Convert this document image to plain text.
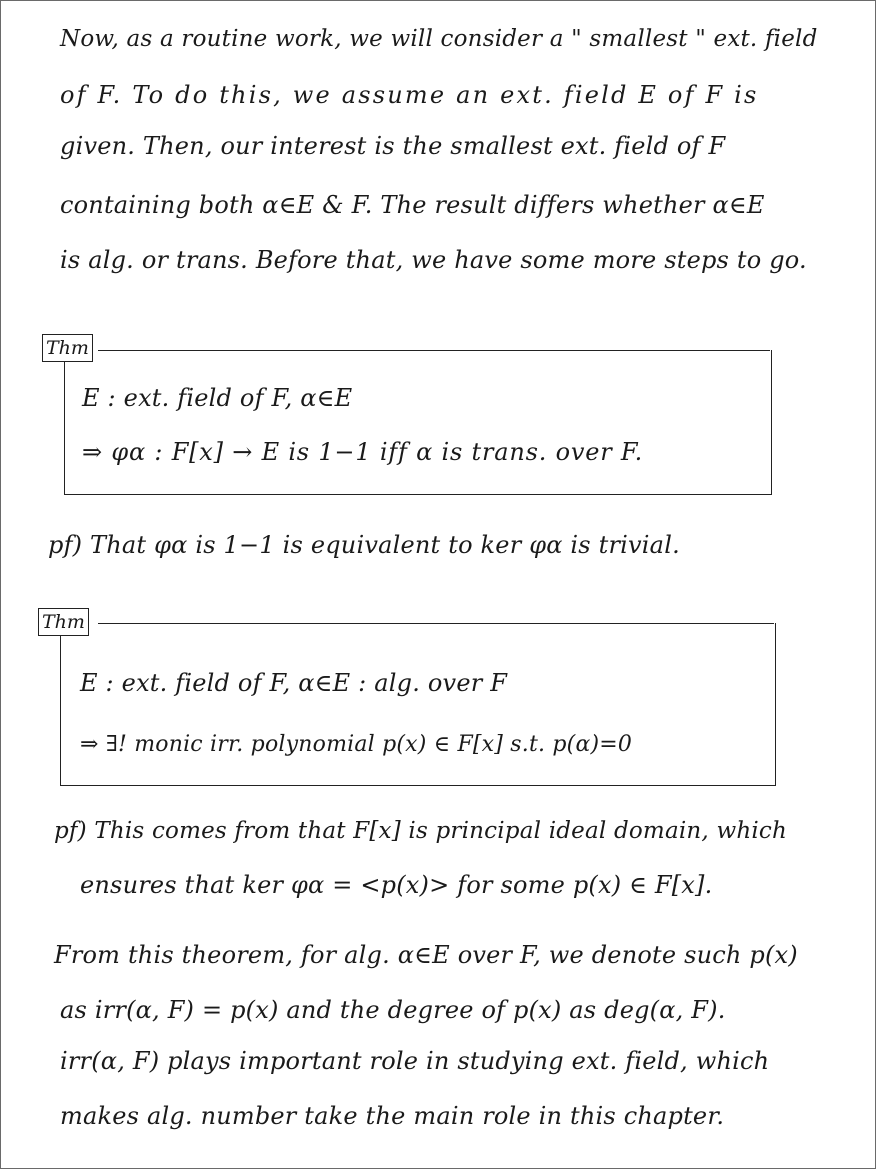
Now, as a routine work, we will consider a " smallest " ext. field
of F. To do this, we assume an ext. field E of F is
given. Then, our interest is the smallest ext. field of F
containing both α∈E & F. The result differs whether α∈E
is alg. or trans. Before that, we have some more steps to go.
Thm
E : ext. field of F, α∈E
⇒ φα : F[x] → E is 1−1 iff α is trans. over F.
pf) That φα is 1−1 is equivalent to ker φα is trivial.
Thm
E : ext. field of F, α∈E : alg. over F
⇒ ∃! monic irr. polynomial p(x) ∈ F[x] s.t. p(α)=0
pf) This comes from that F[x] is principal ideal domain, which
ensures that ker φα = <p(x)> for some p(x) ∈ F[x].
From this theorem, for alg. α∈E over F, we denote such p(x)
as irr(α, F) = p(x) and the degree of p(x) as deg(α, F).
irr(α, F) plays important role in studying ext. field, which
makes alg. number take the main role in this chapter.
